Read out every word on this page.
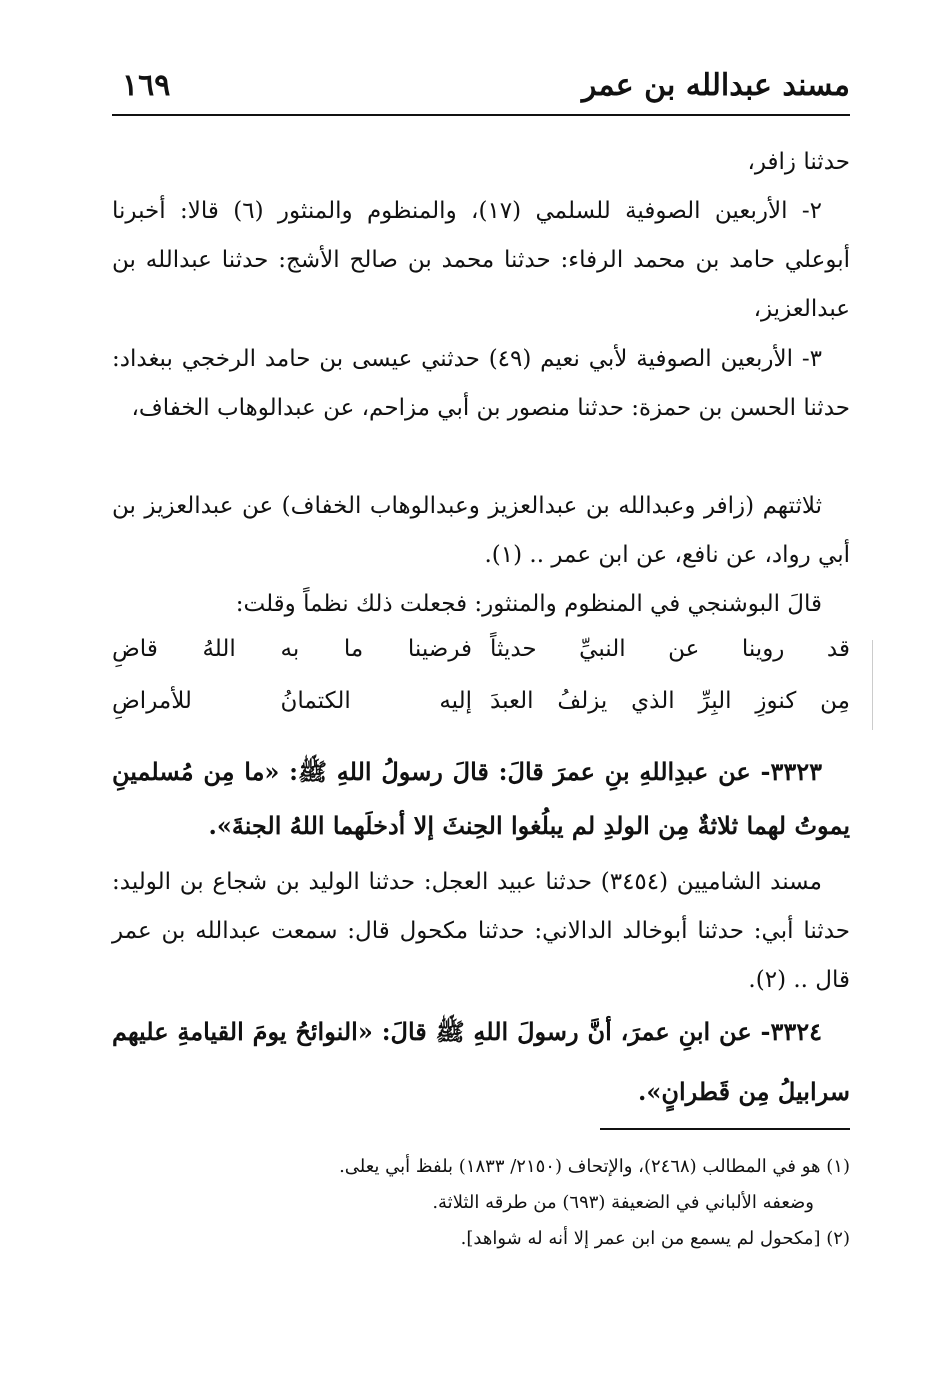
مسند عبدالله بن عمر
١٦٩
حدثنا زافر،
٢- الأربعين الصوفية للسلمي (١٧)، والمنظوم والمنثور (٦) قالا: أخبرنا أبوعلي حامد بن محمد الرفاء: حدثنا محمد بن صالح الأشج: حدثنا عبدالله بن عبدالعزيز،
٣- الأربعين الصوفية لأبي نعيم (٤٩) حدثني عيسى بن حامد الرخجي ببغداد: حدثنا الحسن بن حمزة: حدثنا منصور بن أبي مزاحم، عن عبدالوهاب الخفاف،
ثلاثتهم (زافر وعبدالله بن عبدالعزيز وعبدالوهاب الخفاف) عن عبدالعزيز بن أبي رواد، عن نافع، عن ابن عمر .. (١).
قالَ البوشنجي في المنظوم والمنثور: فجعلت ذلك نظماً وقلت:
قد روينا عن النبيِّ حديثاً
فرضينا ما به اللهُ قاضِ
مِن كنوزِ البِرِّ الذي يزلفُ العبدَ
إليه الكتمانُ للأمراضِ
٣٣٢٣- عن عبدِاللهِ بنِ عمرَ قالَ: قالَ رسولُ اللهِ ﷺ: «ما مِن مُسلمينِ يموتُ لهما ثلاثةٌ مِن الولدِ لم يبلُغوا الحِنثَ إلا أدخلَهما اللهُ الجنةَ».
مسند الشاميين (٣٤٥٤) حدثنا عبيد العجل: حدثنا الوليد بن شجاع بن الوليد: حدثنا أبي: حدثنا أبوخالد الدالاني: حدثنا مكحول قال: سمعت عبدالله بن عمر قال .. (٢).
٣٣٢٤- عن ابنِ عمرَ، أنَّ رسولَ اللهِ ﷺ قالَ: «النوائحُ يومَ القيامةِ عليهم سرابيلُ مِن قَطرانٍ».
(١) هو في المطالب (٢٤٦٨)، والإتحاف (٢١٥٠/ ١٨٣٣) بلفظ أبي يعلى.
وضعفه الألباني في الضعيفة (٦٩٣) من طرقه الثلاثة.
(٢) [مكحول لم يسمع من ابن عمر إلا أنه له شواهد].
